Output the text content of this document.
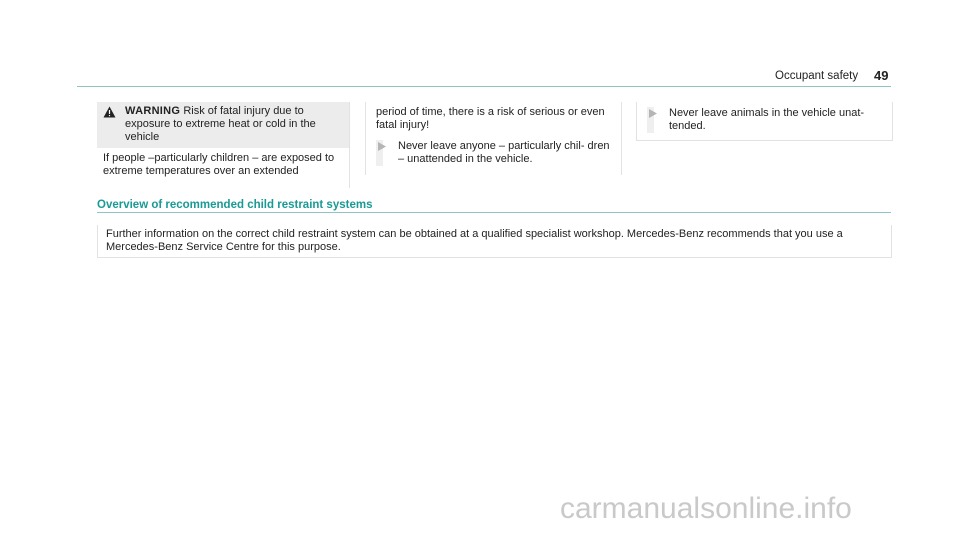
Occupant safety 49
WARNING Risk of fatal injury due to exposure to extreme heat or cold in the vehicle
If people –particularly children – are exposed to extreme temperatures over an extended
period of time, there is a risk of serious or even fatal injury!
Never leave anyone – particularly chil- dren – unattended in the vehicle.
Never leave animals in the vehicle unat- tended.
Overview of recommended child restraint systems
Further information on the correct child restraint system can be obtained at a qualified specialist workshop. Mercedes-Benz recommends that you use a Mercedes-Benz Service Centre for this purpose.
carmanualsonline.info
